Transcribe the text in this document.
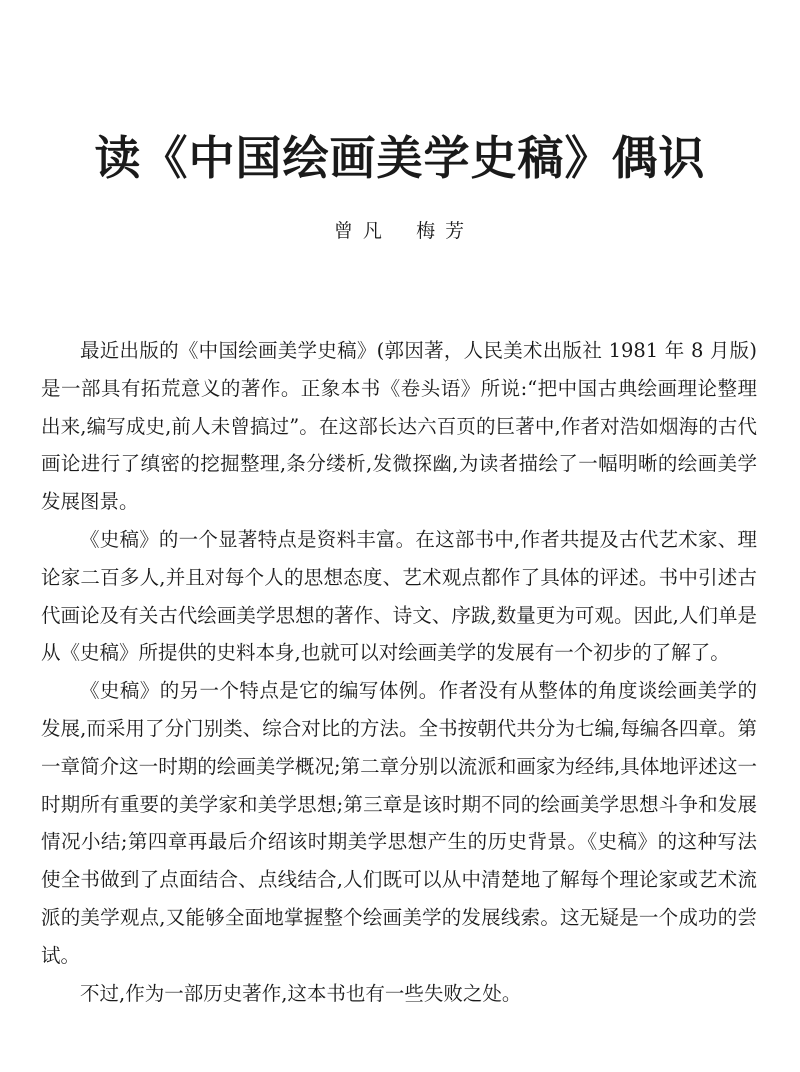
读《中国绘画美学史稿》偶识
曾 凡    梅 芳

最近出版的《中国绘画美学史稿》(郭因著，人民美术出版社 1981 年 8 月版)是一部具有拓荒意义的著作。正象本书《卷头语》所说:“把中国古典绘画理论整理出来,编写成史,前人未曾搞过”。在这部长达六百页的巨著中,作者对浩如烟海的古代画论进行了缜密的挖掘整理,条分缕析,发微探幽,为读者描绘了一幅明晰的绘画美学发展图景。

《史稿》的一个显著特点是资料丰富。在这部书中,作者共提及古代艺术家、理论家二百多人,并且对每个人的思想态度、艺术观点都作了具体的评述。书中引述古代画论及有关古代绘画美学思想的著作、诗文、序跋,数量更为可观。因此,人们单是从《史稿》所提供的史料本身,也就可以对绘画美学的发展有一个初步的了解了。

《史稿》的另一个特点是它的编写体例。作者没有从整体的角度谈绘画美学的发展,而采用了分门别类、综合对比的方法。全书按朝代共分为七编,每编各四章。第一章简介这一时期的绘画美学概况;第二章分别以流派和画家为经纬,具体地评述这一时期所有重要的美学家和美学思想;第三章是该时期不同的绘画美学思想斗争和发展情况小结;第四章再最后介绍该时期美学思想产生的历史背景。《史稿》的这种写法使全书做到了点面结合、点线结合,人们既可以从中清楚地了解每个理论家或艺术流派的美学观点,又能够全面地掌握整个绘画美学的发展线索。这无疑是一个成功的尝试。

不过,作为一部历史著作,这本书也有一些失败之处。
